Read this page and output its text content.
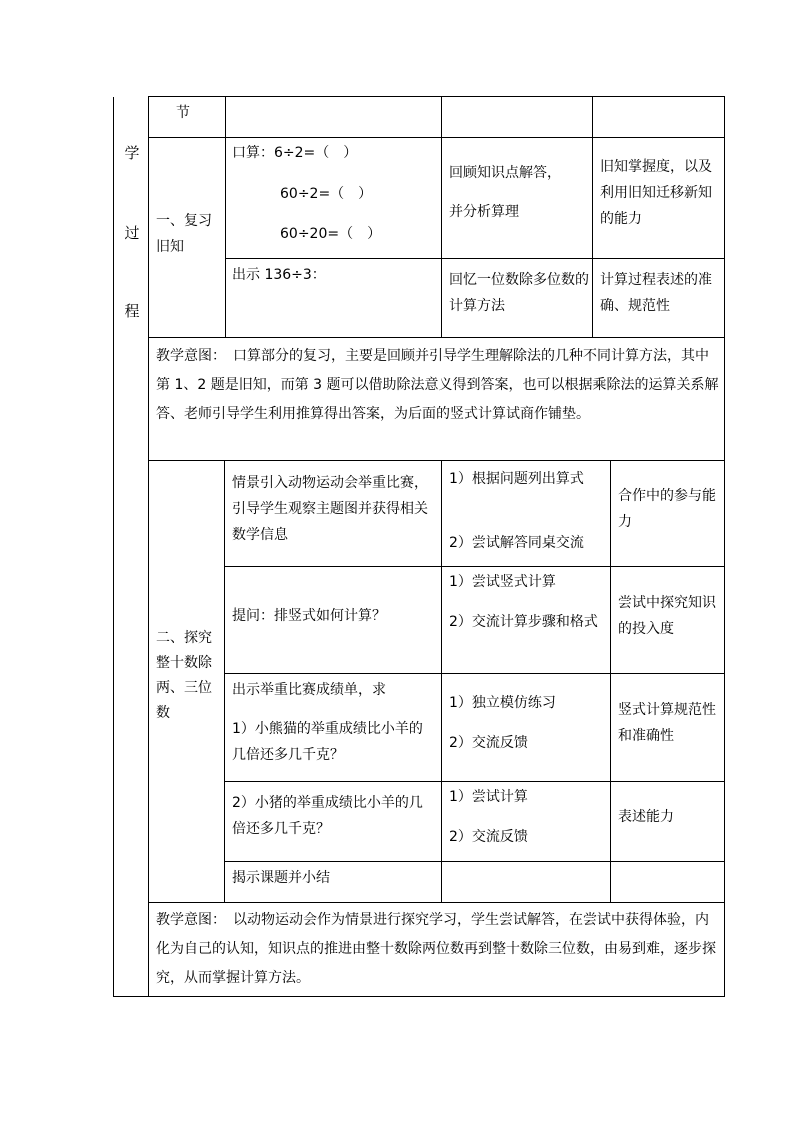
学
过
程
节
一、复习旧知
口算：6÷2=（　）
60÷2=（　）
60÷20=（　）
回顾知识点解答，
并分析算理
旧知掌握度，以及利用旧知迁移新知的能力
出示 136÷3：	回忆一位数除多位数的计算方法
计算过程表述的准确、规范性
教学意图：　口算部分的复习，主要是回顾并引导学生理解除法的几种不同计算方法，其中第 1、2 题是旧知，而第 3 题可以借助除法意义得到答案，也可以根据乘除法的运算关系解答、老师引导学生利用推算得出答案，为后面的竖式计算试商作铺垫。
二、探究整十数除两、三位数
情景引入动物运动会举重比赛，引导学生观察主题图并获得相关数学信息
1）根据问题列出算式
2）尝试解答同桌交流
合作中的参与能力
提问：排竖式如何计算？
1）尝试竖式计算
2）交流计算步骤和格式
尝试中探究知识的投入度
出示举重比赛成绩单，求
1）小熊猫的举重成绩比小羊的几倍还多几千克？
1）独立模仿练习
2）交流反馈
竖式计算规范性和准确性
2）小猪的举重成绩比小羊的几倍还多几千克？
1）尝试计算
2）交流反馈
表述能力
揭示课题并小结
教学意图：　以动物运动会作为情景进行探究学习，学生尝试解答，在尝试中获得体验，内化为自己的认知，知识点的推进由整十数除两位数再到整十数除三位数，由易到难，逐步探究，从而掌握计算方法。
